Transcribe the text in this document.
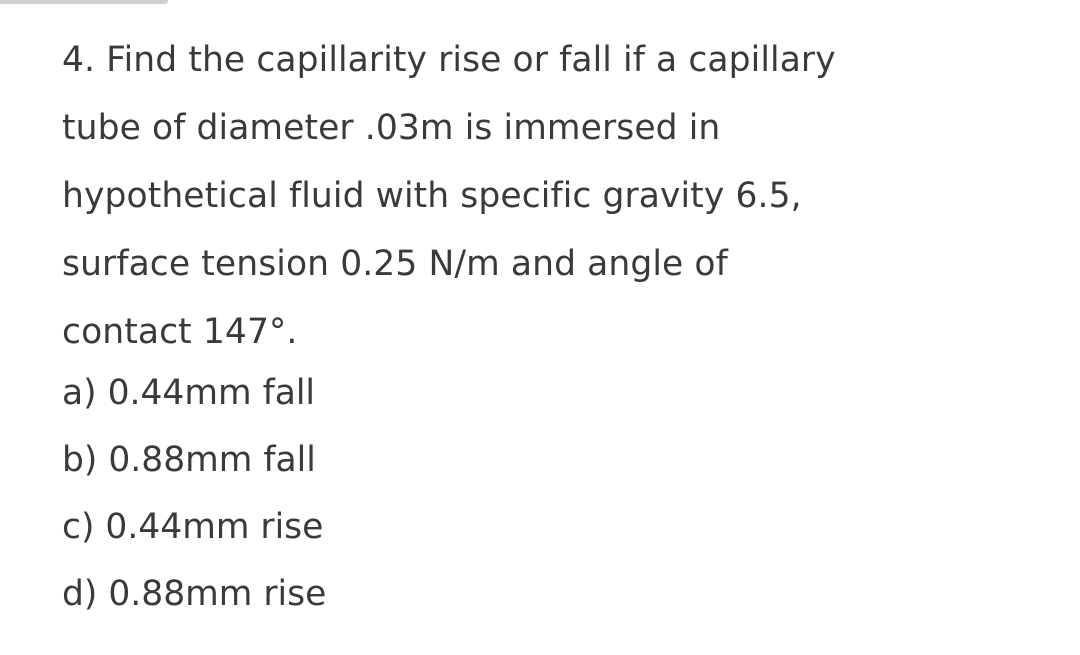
4. Find the capillarity rise or fall if a capillary
tube of diameter .03m is immersed in
hypothetical fluid with specific gravity 6.5,
surface tension 0.25 N/m and angle of
contact 147°.
a) 0.44mm fall
b) 0.88mm fall
c) 0.44mm rise
d) 0.88mm rise
